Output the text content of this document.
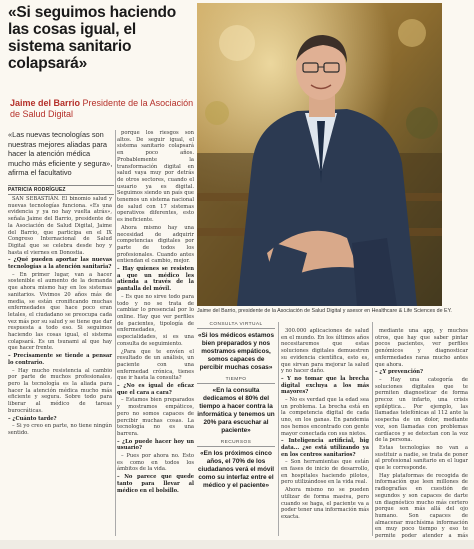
«Si seguimos haciendo las cosas igual, el sistema sanitario colapsará»
Jaime del Barrio, presidente de la Asociación de Salud Digital y asesor en Healthcare & Life Sciences de EY.
Jaime del Barrio Presidente de la Asociación de Salud Digital
«Las nuevas tecnologías son nuestras mejores aliadas para hacer la atención médica mucho más eficiente y segura», afirma el facultativo
PATRICIA RODRÍGUEZ

SAN SEBASTIÁN. El binomio salud y nuevas tecnologías funciona. «Es una evidencia y ya no hay vuelta atrás», señala Jaime del Barrio, presidente de la Asociación de Salud Digital, Jaime del Barrio, que participa en el IX Congreso Internacional de Salud Digital que se celebra desde hoy y hasta el viernes en Donostia.

– ¿Qué pueden aportar las nuevas tecnologías a la atención sanitaria?

– En primer lugar, van a hacer sostenible el aumento de la demanda que ahora mismo hay en los sistemas sanitarios. Vivimos 20 años más de media, se están cronificando muchas enfermedades que hace poco eran letales, el ciudadano se preocupa cada vez más por su salud y se tiene que dar respuesta a todo eso. Si seguimos haciendo las cosas igual, el sistema colapsará. Es un tsunami al que hay que hacer frente.

– Precisamente se tiende a pensar lo contrario.

– Hay mucho resistencia al cambio por parte de muchos profesionales, pero la tecnología es la aliada para hacer la atención médica mucho más eficiente y segura. Sobre todo para liberar al médico de tareas burocráticas.

– ¿Cuánto tarde?

– Si yo creo en parte, no tiene ningún sentido.

porque los riesgos son altos. De seguir igual, el sistema sanitario colapsará en poco años. Probablemente la transformación digital en salud vaya muy por detrás de otros sectores, cuando el usuario ya es digital. Seguimos siendo un país que tenemos un sistema nacional de salud con 17 sistemas operativos diferentes, esto es ineficiente.

Ahora mismo hay una necesidad de adquirir competencias digitales por parte de todos los profesionales. Cuando antes entiendan el cambio, mejor.

– Hay quienes se resisten a que un médico les atienda a través de la pantalla del móvil.

– Es que no sirve todo para todo y no se trata de cambiar lo presencial por lo online. Hay que ver perfiles de pacientes, tipología de enfermedades, especialidades, si es una consulta de seguimiento.

¿Para que te envíen el resultado de un análisis, un paciente con una enfermedad crónica, tienes que ir hasta la consulta?

– ¿No es igual de eficaz que el cara a cara?

– Estamos bien preparados y mostramos empáticos, pero no somos capaces de percibir muchas cosas. La tecnología no es una barrera.

– ¿Lo puede hacer hoy un usuario?

– Pues por ahora no. Esto es como en todos los ámbitos de la vida.

– No parece que quede tanto para llevar al médico en el bolsillo.

CONSULTA VIRTUAL
«Si los médicos estamos bien preparados y nos mostramos empáticos, somos capaces de percibir muchas cosas»
TIEMPO
«En la consulta dedicamos el 80% del tiempo a hacer contra la informática y tenemos un 20% para escuchar al paciente»
RECURSOS
«En los próximos cinco años, el 70% de los ciudadanos verá el móvil como su interfaz entre el médico y el paciente»

300.000 aplicaciones de salud en el mundo. En los últimos años necesitaremos que estas soluciones digitales demuestren su evidencia científica, esto es, que sirvan para mejorar la salud y no hacer daño.

– Y no tomar que la brecha digital excluya a los más mayores?

– No es verdad que la edad sea un problema. La brecha está en la competencia digital de cada uno, en los ganas. En pandemia nos hemos encontrado con gente mayor conectada con sus nietos.

– Inteligencia artificial, big data... ¿se está utilizando ya en los centros sanitarios?

– Son herramientas que están en fases de inicio de desarrollo, en hospitales haciendo pilotos, pero utilizándose en la vida real.

Ahora mismo no se pueden utilizar de forma masiva, pero cuando se haga, el paciente va a poder tener una información más exacta.

mediante una app, y muchos otros, que hay que saber pintar pocos pacientes, ver perfiles genómicos y diagnosticar enfermedades raras mucho antes que ahora.

– ¿Y prevención?

– Hay una categoría de soluciones digitales que te permiten diagnosticar de forma precoz un infarto, una crisis epiléptica... Por ejemplo, las llamadas telefónicas al 112 ante la sospecha de un dolor, mediante voz, son llamadas con problemas cardíacos y se detectan con la voz de la persona.

Estas tecnologías no van a sustituir a nadie, se trata de poner al profesional sanitario en el lugar que le corresponde.

Hay plataformas de recogida de información que leen millones de radiografías en cuestión de segundos y son capaces de darte un diagnóstico mucho más certero porque son más allá del ojo humano. Son capaces de almacenar muchísima información en muy poco tiempo y eso te permite poder atender a más
